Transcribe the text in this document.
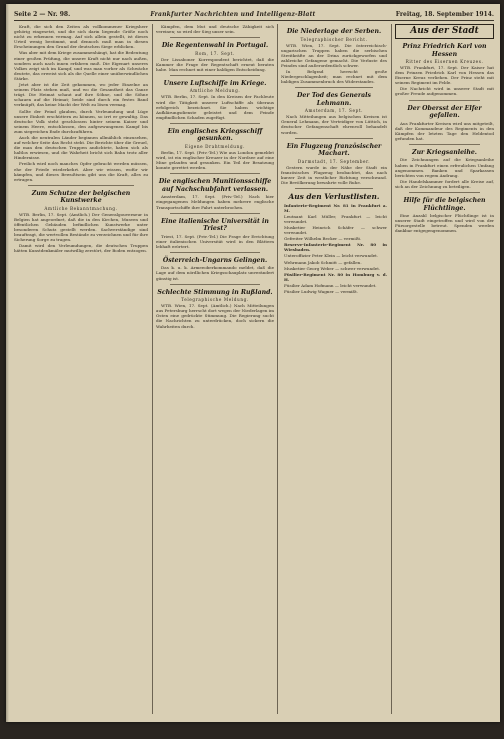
Seite 2 — Nr. 98.	Frankfurter Nachrichten und Intelligenz-Blatt	Freitag, 18. September 1914.

Kraft, die sich den Zeiten als vollkommener Kriegsherr gehörig eingesetzt, und die sich darin liegende Größe noch nicht zu erkennen vermag. Auf sich allein gestellt, ist dieses Urteil wenig bestimmt, und dennoch muß man in diesen Erscheinungen den Grund der deutschen Siege erblicken.

Was aber mit dem Kriege zusammenhängt, hat die Bedeutung einer großen Prüfung, die unsere Kraft nicht nur nach außen, sondern auch nach innen erfahren muß. Die Eigenart unseres Volkes zeigt sich im Kampf, und was man vorher als Schwäche deutete, das erweist sich als die Quelle einer unüberwindlichen Stärke.

Jetzt aber ist die Zeit gekommen, wo jeder Einzelne an seinem Platz stehen muß, und wo die Gesamtheit das Ganze trägt. Die Heimat schaut auf ihre Söhne, und die Söhne schauen auf die Heimat; beide sind durch ein festes Band verknüpft, das keine Macht der Welt zu lösen vermag.

Sollte der Feind glauben, durch Verleumdung und Lüge unsere Einheit erschüttern zu können, so irrt er gewaltig. Das deutsche Volk steht geschlossen hinter seinem Kaiser und seinem Heere, entschlossen, den aufgezwungenen Kampf bis zum siegreichen Ende durchzuführen.

Auch die neutralen Länder beginnen allmählich einzusehen, auf welcher Seite das Recht steht. Die Berichte über die Greuel, die man den deutschen Truppen andichtete, haben sich als haltlos erwiesen, und die Wahrheit bricht sich Bahn trotz aller Hindernisse.

Freilich wird noch manches Opfer gebracht werden müssen, ehe der Friede wiederkehrt. Aber wir wissen, wofür wir kämpfen, und dieses Bewußtsein gibt uns die Kraft, alles zu ertragen.

Zum Schutze der belgischen Kunstwerke
Amtliche Bekanntmachung.

WTB. Berlin, 17. Sept. (Amtlich.) Der Generalgouverneur in Belgien hat angeordnet, daß die in den Kirchen, Museen und öffentlichen Gebäuden befindlichen Kunstwerke unter besonderen Schutz gestellt werden. Sachverständige sind beauftragt, die wertvollen Bestände zu verzeichnen und für ihre Sicherung Sorge zu tragen.

Damit wird den Verleumdungen, die deutschen Truppen hätten Kunstdenkmäler mutwillig zerstört, der Boden entzogen.

Kämpfen, dem Mut und deutsche Zähigkeit sich vereinen; so wird der Sieg unser sein.

Die Regentenwahl in Portugal.
Rom, 17. Sept.

Der Lissaboner Korrespondent berichtet, daß die Kammer die Frage der Regentschaft erneut beraten habe. Man rechnet mit einer baldigen Entscheidung.

Unsere Luftschiffe im Kriege.
Amtliche Meldung.

WTB. Berlin, 17. Sept. In den Kreisen der Fachleute wird die Tätigkeit unserer Luftschiffe als überaus erfolgreich bezeichnet. Sie haben wichtige Aufklärungsdienste geleistet und dem Feinde empfindlichen Schaden zugefügt.

Ein englisches Kriegsschiff gesunken.
Eigene Drahtmeldung.

Berlin, 17. Sept. (Priv.-Tel.) Wie aus London gemeldet wird, ist ein englischer Kreuzer in der Nordsee auf eine Mine gelaufen und gesunken. Ein Teil der Besatzung konnte gerettet werden.

Die englischen Munitionsschiffe auf Nachschubfahrt verlassen.

Amsterdam, 17. Sept. (Priv.-Tel.) Nach hier eingegangenen Meldungen haben mehrere englische Transportschiffe ihre Fahrt unterbrochen.

Eine italienische Universität in Triest?

Triest, 17. Sept. (Priv.-Tel.) Die Frage der Errichtung einer italienischen Universität wird in den Blättern lebhaft erörtert.

Österreich-Ungarns Gelingen.

Das k. u. k. Armeeoberkommando meldet, daß die Lage auf dem nördlichen Kriegsschauplatz unverändert günstig ist.

Schlechte Stimmung in Rußland.
Telegraphische Meldung.

WTB. Wien, 17. Sept. (Amtlich.) Nach Mitteilungen aus Petersburg herrscht dort wegen der Niederlagen im Osten eine gedrückte Stimmung. Die Regierung sucht die Nachrichten zu unterdrücken, doch sickern die Wahrheiten durch.

Die Niederlage der Serben.
Telegraphischer Bericht.

WTB. Wien, 17. Sept. Die österreichisch-ungarischen Truppen haben die serbischen Streitkräfte an der Drina zurückgeworfen und zahlreiche Gefangene gemacht. Die Verluste des Feindes sind außerordentlich schwer.

In Belgrad herrscht große Niedergeschlagenheit; man rechnet mit dem baldigen Zusammenbruch des Widerstandes.

Der Tod des Generals Lehmann.
Amsterdam, 17. Sept.

Nach Mitteilungen aus belgischen Kreisen ist General Lehmann, der Verteidiger von Lüttich, in deutscher Gefangenschaft ehrenvoll behandelt worden.

Ein Flugzeug französischer Machart.
Darmstadt, 17. September.

Gestern wurde in der Nähe der Stadt ein französisches Flugzeug beobachtet, das nach kurzer Zeit in westlicher Richtung verschwand. Die Bevölkerung bewahrte volle Ruhe.

Aus den Verlustlisten.

Infanterie-Regiment Nr. 81 in Frankfurt a. M.

Leutnant Karl Müller, Frankfurt — leicht verwundet.

Musketier Heinrich Schäfer — schwer verwundet.

Gefreiter Wilhelm Becker — vermißt.

Reserve-Infanterie-Regiment Nr. 80 in Wiesbaden.

Unteroffizier Peter Klein — leicht verwundet.

Wehrmann Jakob Schmitt — gefallen.

Musketier Georg Weber — schwer verwundet.

Füsilier-Regiment Nr. 80 in Homburg v. d. H.

Füsilier Adam Hofmann — leicht verwundet.

Füsilier Ludwig Wagner — vermißt.

Aus der Stadt
Prinz Friedrich Karl von Hessen
Ritter des Eisernen Kreuzes.

WTB. Frankfurt, 17. Sept. Der Kaiser hat dem Prinzen Friedrich Karl von Hessen das Eiserne Kreuz verliehen. Der Prinz steht mit seinem Regiment im Felde.

Die Nachricht wird in unserer Stadt mit großer Freude aufgenommen.

Der Obersst der Elfer gefallen.

Aus Frankfurter Kreisen wird uns mitgeteilt, daß der Kommandeur des Regiments in den Kämpfen der letzten Tage den Heldentod gefunden hat.

Zur Kriegsanleihe.

Die Zeichnungen auf die Kriegsanleihe haben in Frankfurt einen erfreulichen Umfang angenommen. Banken und Sparkassen berichten von regem Andrang.

Die Handelskammer fordert alle Kreise auf, sich an der Zeichnung zu beteiligen.

Hilfe für die belgischen Flüchtlinge.

Eine Anzahl belgischer Flüchtlinge ist in unserer Stadt eingetroffen und wird von der Fürsorgestelle betreut. Spenden werden dankbar entgegengenommen.
